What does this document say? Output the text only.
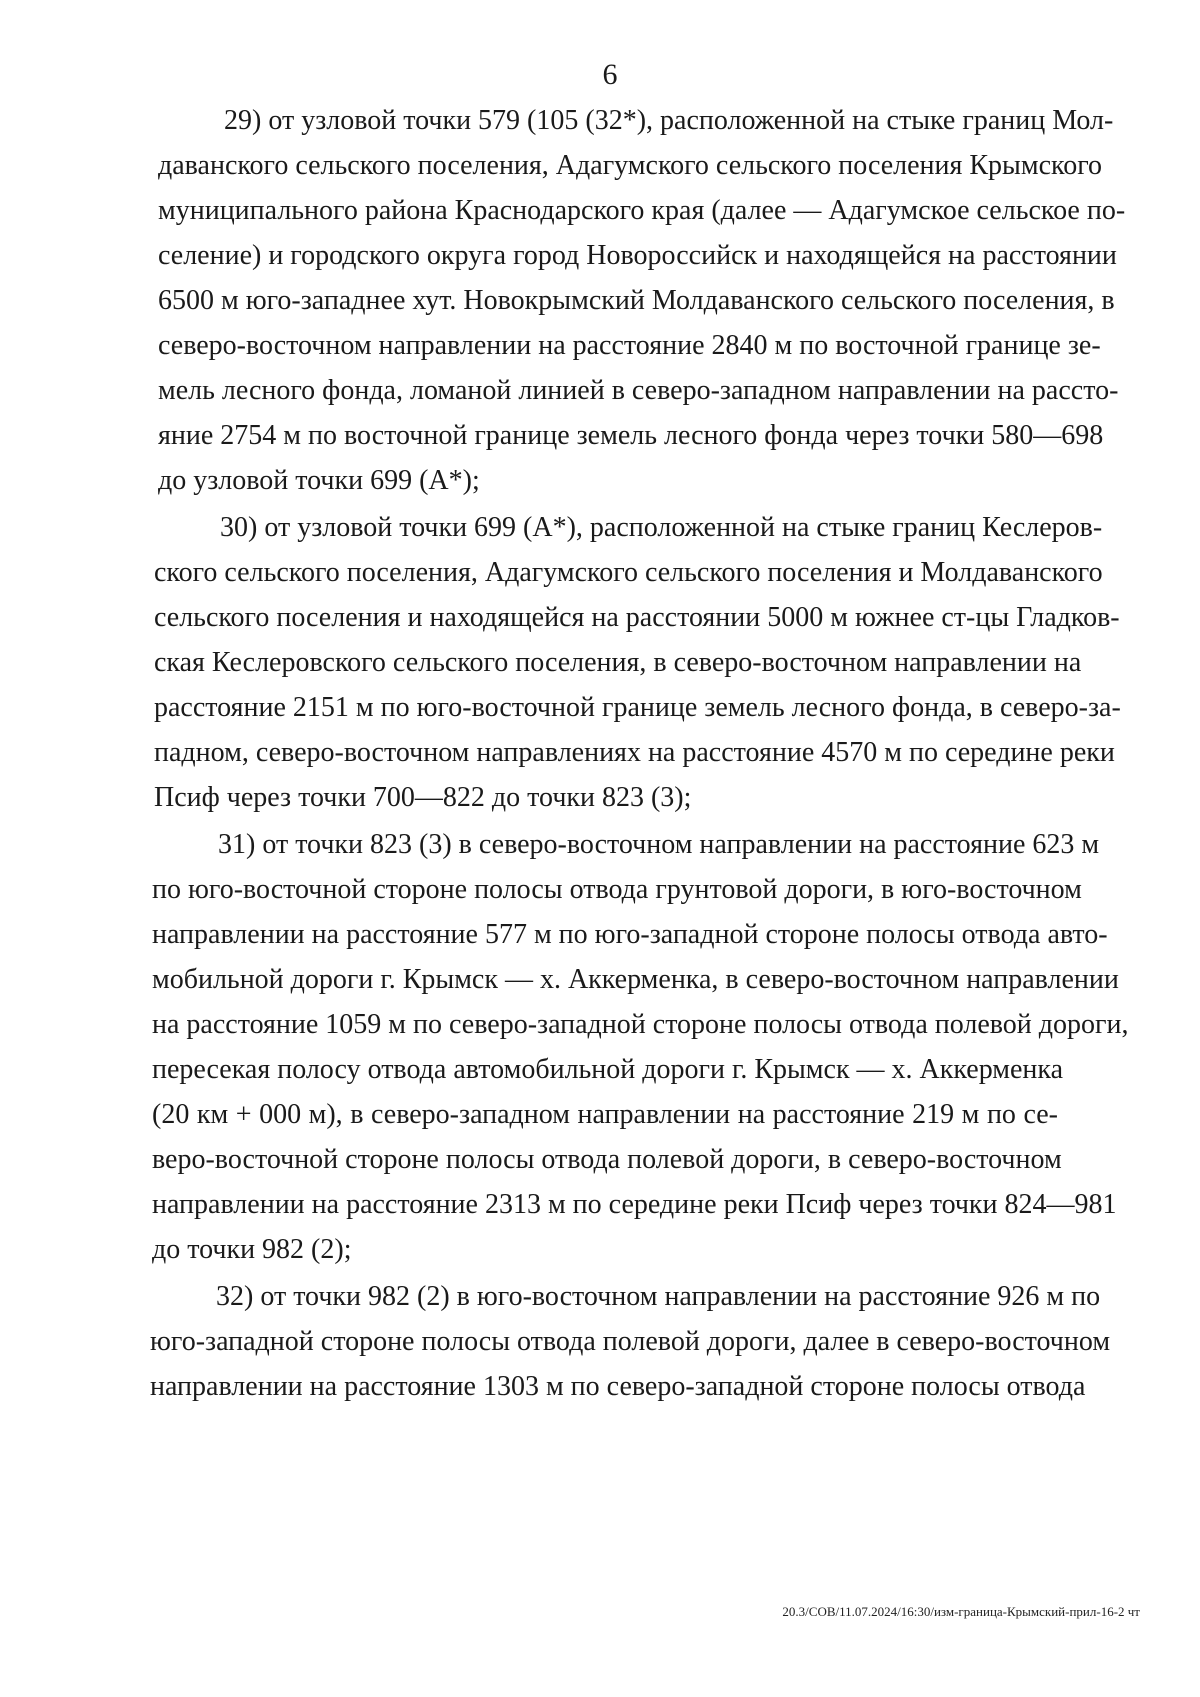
6
29) от узловой точки 579 (105 (32*), расположенной на стыке границ Мол-
даванского сельского поселения, Адагумского сельского поселения Крымского
муниципального района Краснодарского края (далее — Адагумское сельское по-
селение) и городского округа город Новороссийск и находящейся на расстоянии
6500 м юго-западнее хут. Новокрымский Молдаванского сельского поселения, в
северо-восточном направлении на расстояние 2840 м по восточной границе зе-
мель лесного фонда, ломаной линией в северо-западном направлении на рассто-
яние 2754 м по восточной границе земель лесного фонда через точки 580—698
до узловой точки 699 (А*);
30) от узловой точки 699 (А*), расположенной на стыке границ Кеслеров-
ского сельского поселения, Адагумского сельского поселения и Молдаванского
сельского поселения и находящейся на расстоянии 5000 м южнее ст-цы Гладков-
ская Кеслеровского сельского поселения, в северо-восточном направлении на
расстояние 2151 м по юго-восточной границе земель лесного фонда, в северо-за-
падном, северо-восточном направлениях на расстояние 4570 м по середине реки
Псиф через точки 700—822 до точки 823 (3);
31) от точки 823 (3) в северо-восточном направлении на расстояние 623 м
по юго-восточной стороне полосы отвода грунтовой дороги, в юго-восточном
направлении на расстояние 577 м по юго-западной стороне полосы отвода авто-
мобильной дороги г. Крымск — х. Аккерменка, в северо-восточном направлении
на расстояние 1059 м по северо-западной стороне полосы отвода полевой дороги,
пересекая полосу отвода автомобильной дороги г. Крымск — х. Аккерменка
(20 км + 000 м), в северо-западном направлении на расстояние 219 м по се-
веро-восточной стороне полосы отвода полевой дороги, в северо-восточном
направлении на расстояние 2313 м по середине реки Псиф через точки 824—981
до точки 982 (2);
32) от точки 982 (2) в юго-восточном направлении на расстояние 926 м по
юго-западной стороне полосы отвода полевой дороги, далее в северо-восточном
направлении на расстояние 1303 м по северо-западной стороне полосы отвода
20.3/СОВ/11.07.2024/16:30/изм-граница-Крымский-прил-16-2 чт
